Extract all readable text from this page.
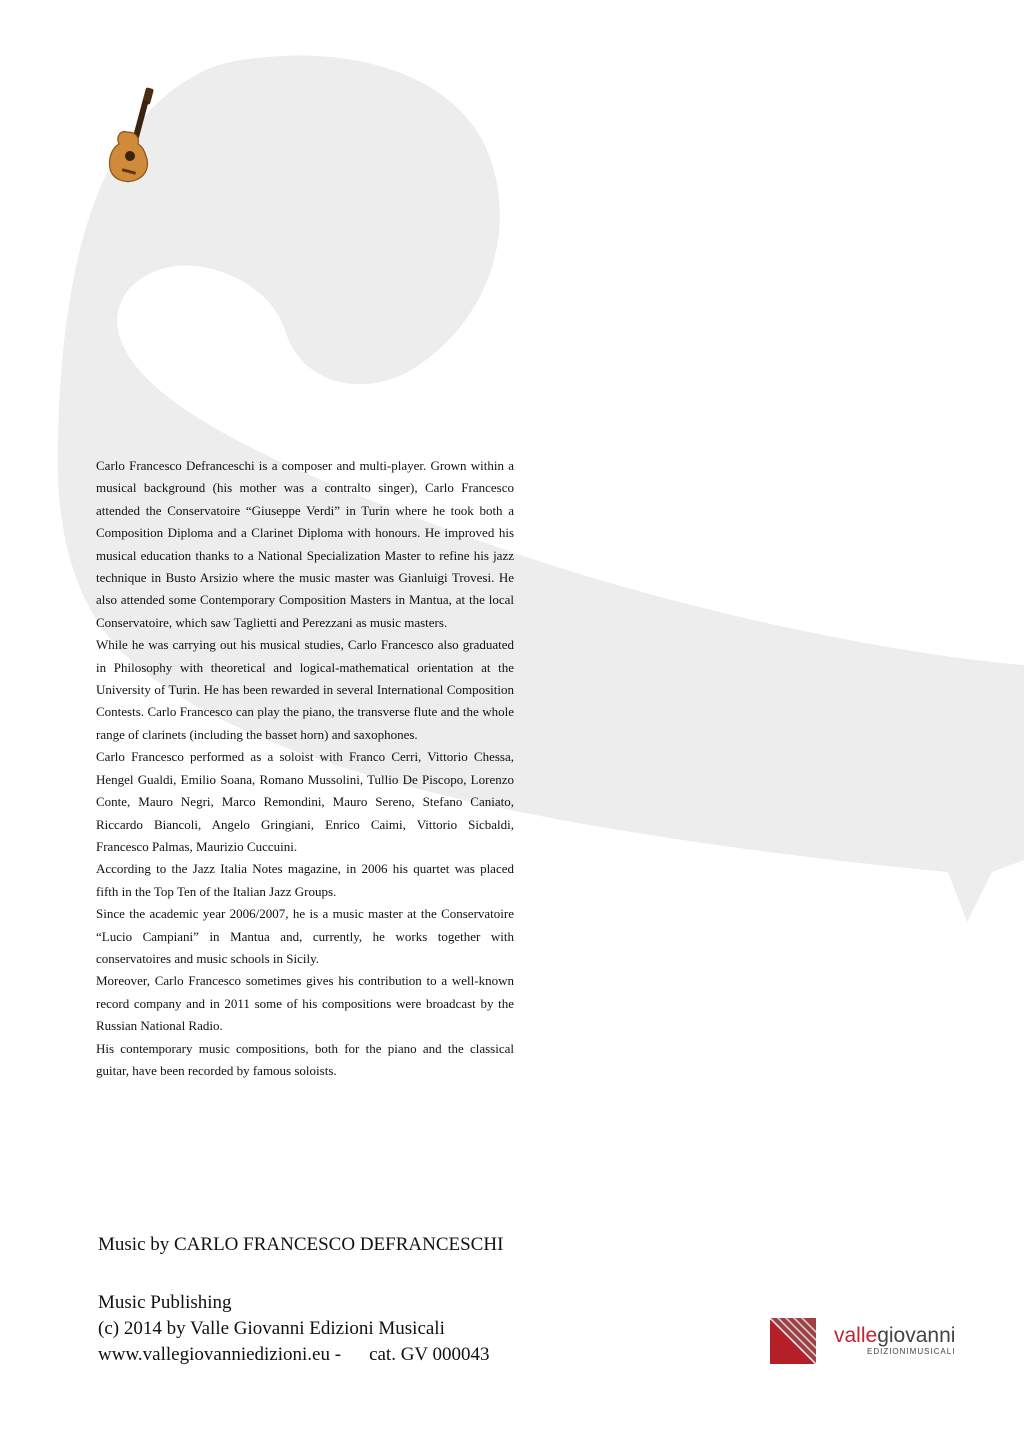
Carlo Francesco Defranceschi is a composer and multi-player. Grown within a musical background (his mother was a contralto singer), Carlo Francesco attended the Conservatoire “Giuseppe Verdi” in Turin where he took both a Composition Diploma and a Clarinet Diploma with honours. He improved his musical education thanks to a National Specialization Master to refine his jazz technique in Busto Arsizio where the music master was Gianluigi Trovesi. He also attended some Contemporary Composition Masters in Mantua, at the local Conservatoire, which saw Taglietti and Perezzani as music masters.

While he was carrying out his musical studies, Carlo Francesco also graduated in Philosophy with theoretical and logical-mathematical orientation at the University of Turin. He has been rewarded in several International Composition Contests. Carlo Francesco can play the piano, the transverse flute and the whole range of clarinets (including the basset horn) and saxophones.

Carlo Francesco performed as a soloist with Franco Cerri, Vittorio Chessa, Hengel Gualdi, Emilio Soana, Romano Mussolini, Tullio De Piscopo, Lorenzo Conte, Mauro Negri, Marco Remondini, Mauro Sereno, Stefano Caniato, Riccardo Biancoli, Angelo Gringiani, Enrico Caimi, Vittorio Sicbaldi, Francesco Palmas, Maurizio Cuccuini.

According to the Jazz Italia Notes magazine, in 2006 his quartet was placed fifth in the Top Ten of the Italian Jazz Groups.

Since the academic year 2006/2007, he is a music master at the Conservatoire “Lucio Campiani” in Mantua and, currently, he works together with conservatoires and music schools in Sicily.

Moreover, Carlo Francesco sometimes gives his contribution to a well-known record company and in 2011 some of his compositions were broadcast by the Russian National Radio.

His contemporary music compositions, both for the piano and the classical guitar, have been recorded by famous soloists.

Music by CARLO FRANCESCO DEFRANCESCHI
Music Publishing
(c) 2014 by Valle Giovanni Edizioni Musicali
www.vallegiovanniedizioni.eu - cat. GV 000043
vallegiovanni
EDIZIONIMUSICALI
